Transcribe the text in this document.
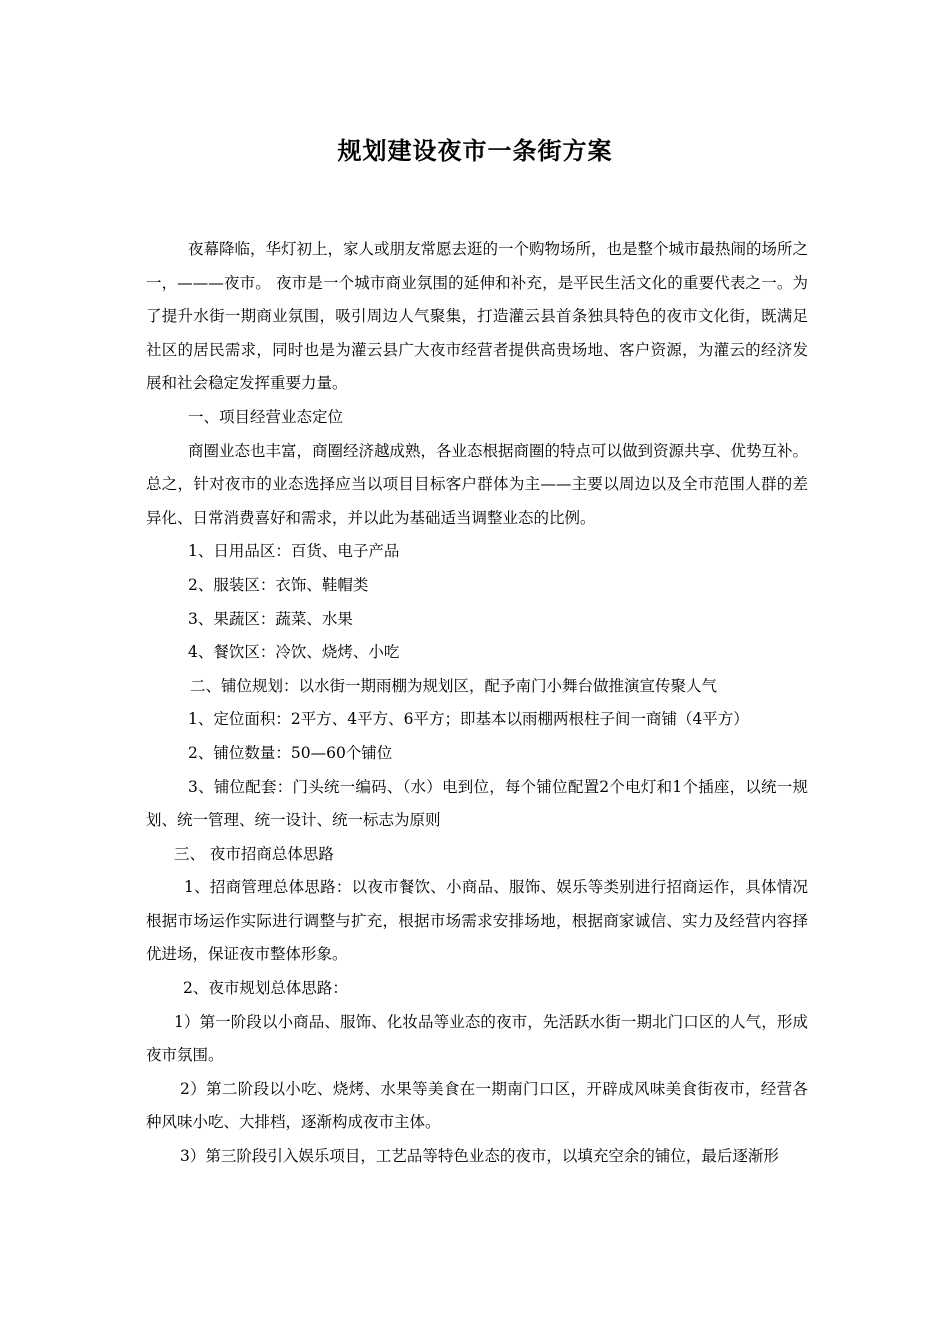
规划建设夜市一条街方案

夜幕降临，华灯初上，家人或朋友常愿去逛的一个购物场所，也是整个城市最热闹的场所之一，———夜市。 夜市是一个城市商业氛围的延伸和补充，是平民生活文化的重要代表之一。为了提升水街一期商业氛围，吸引周边人气聚集，打造灌云县首条独具特色的夜市文化街，既满足社区的居民需求，同时也是为灌云县广大夜市经营者提供高贵场地、客户资源，为灌云的经济发展和社会稳定发挥重要力量。

一、项目经营业态定位

商圈业态也丰富，商圈经济越成熟，各业态根据商圈的特点可以做到资源共享、优势互补。总之，针对夜市的业态选择应当以项目目标客户群体为主——主要以周边以及全市范围人群的差异化、日常消费喜好和需求，并以此为基础适当调整业态的比例。

1、日用品区：百货、电子产品

2、服装区：衣饰、鞋帽类

3、果蔬区：蔬菜、水果

4、餐饮区：冷饮、烧烤、小吃

二、铺位规划：以水街一期雨棚为规划区，配予南门小舞台做推演宣传聚人气

1、定位面积：2平方、4平方、6平方；即基本以雨棚两根柱子间一商铺（4平方）

2、铺位数量：50—60个铺位

3、铺位配套：门头统一编码、（水）电到位，每个铺位配置2个电灯和1个插座，以统一规划、统一管理、统一设计、统一标志为原则

三、 夜市招商总体思路

1、招商管理总体思路：以夜市餐饮、小商品、服饰、娱乐等类别进行招商运作，具体情况根据市场运作实际进行调整与扩充，根据市场需求安排场地，根据商家诚信、实力及经营内容择优进场，保证夜市整体形象。

2、夜市规划总体思路：

1）第一阶段以小商品、服饰、化妆品等业态的夜市，先活跃水街一期北门口区的人气，形成夜市氛围。

2）第二阶段以小吃、烧烤、水果等美食在一期南门口区，开辟成风味美食街夜市，经营各种风味小吃、大排档，逐渐构成夜市主体。

3）第三阶段引入娱乐项目，工艺品等特色业态的夜市，以填充空余的铺位，最后逐渐形
